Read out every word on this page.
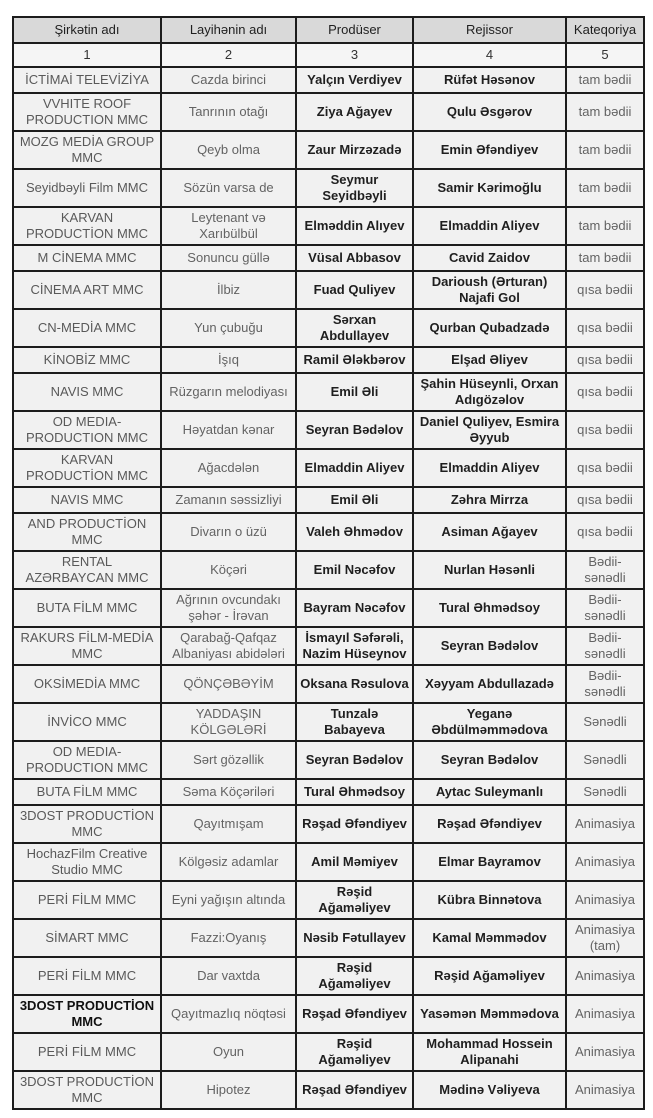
Şirkətin adı	Layihənin adı	Prodüser	Rejissor	Kateqoriya
1	2	3	4	5
İCTİMAİ TELEVİZİYA	Cazda birinci	Yalçın Verdiyev	Rüfət Həsənov	tam bədii
VVHITE ROOF PRODUCTION MMC	Tanrının otağı	Ziya Ağayev	Qulu Əsgərov	tam bədii
MOZG MEDİA GROUP MMC	Qeyb olma	Zaur Mirzəzadə	Emin Əfəndiyev	tam bədii
Seyidbəyli Film MMC	Sözün varsa de	Seymur Seyidbəyli	Samir Kərimoğlu	tam bədii
KARVAN PRODUCTİON MMC	Leytenant və Xarıbülbül	Elməddin Alıyev	Elmaddin Aliyev	tam bədii
M CİNEMA MMC	Sonuncu güllə	Vüsal Abbasov	Cavid Zaidov	tam bədii
CİNEMA ART MMC	İlbiz	Fuad Quliyev	Darioush (Ərturan) Najafi Gol	qısa bədii
CN-MEDİA MMC	Yun çubuğu	Sərxan Abdullayev	Qurban Qubadzadə	qısa bədii
KİNOBİZ MMC	İşıq	Ramil Ələkbərov	Elşad Əliyev	qısa bədii
NAVIS MMC	Rüzgarın melodiyası	Emil Əli	Şahin Hüseynli, Orxan Adıgözəlov	qısa bədii
OD MEDIA-PRODUCTION MMC	Həyatdan kənar	Seyran Bədəlov	Daniel Quliyev, Esmira Əyyub	qısa bədii
KARVAN PRODUCTİON MMC	Ağacdələn	Elmaddin Aliyev	Elmaddin Aliyev	qısa bədii
NAVIS MMC	Zamanın səssizliyi	Emil Əli	Zəhra Mirrza	qısa bədii
AND PRODUCTİON MMC	Divarın o üzü	Valeh Əhmədov	Asiman Ağayev	qısa bədii
RENTAL AZƏRBAYCAN MMC	Köçəri	Emil Nəcəfov	Nurlan Həsənli	Bədii-sənədli
BUTA FİLM MMC	Ağrının ovcundakı şəhər - İrəvan	Bayram Nəcəfov	Tural Əhmədsoy	Bədii-sənədli
RAKURS FİLM-MEDİA MMC	Qarabağ-Qafqaz Albaniyası abidələri	İsmayıl Səfərəli, Nazim Hüseynov	Seyran Bədəlov	Bədii-sənədli
OKSİMEDİA MMC	QÖNÇƏBƏYİM	Oksana Rəsulova	Xəyyam Abdullazadə	Bədii-sənədli
İNVİCO MMC	YADDAŞIN KÖLGƏLƏRİ	Tunzalə Babayeva	Yeganə Əbdülməmmədova	Sənədli
OD MEDIA-PRODUCTION MMC	Sərt gözəllik	Seyran Bədəlov	Seyran Bədəlov	Sənədli
BUTA FİLM MMC	Səma Köçəriləri	Tural Əhmədsoy	Aytac Suleymanlı	Sənədli
3DOST PRODUCTİON MMC	Qayıtmışam	Rəşad Əfəndiyev	Rəşad Əfəndiyev	Animasiya
HochazFilm Creative Studio MMC	Kölgəsiz adamlar	Amil Məmiyev	Elmar Bayramov	Animasiya
PERİ FİLM MMC	Eyni yağışın altında	Rəşid Ağaməliyev	Kübra Binnətova	Animasiya
SİMART MMC	Fazzi:Oyanış	Nəsib Fətullayev	Kamal Məmmədov	Animasiya (tam)
PERİ FİLM MMC	Dar vaxtda	Rəşid Ağaməliyev	Rəşid Ağaməliyev	Animasiya
3DOST PRODUCTİON MMC	Qayıtmazlıq nöqtəsi	Rəşad Əfəndiyev	Yasəmən Məmmədova	Animasiya
PERİ FİLM MMC	Oyun	Rəşid Ağaməliyev	Mohammad Hossein Alipanahi	Animasiya
3DOST PRODUCTİON MMC	Hipotez	Rəşad Əfəndiyev	Mədinə Vəliyeva	Animasiya
